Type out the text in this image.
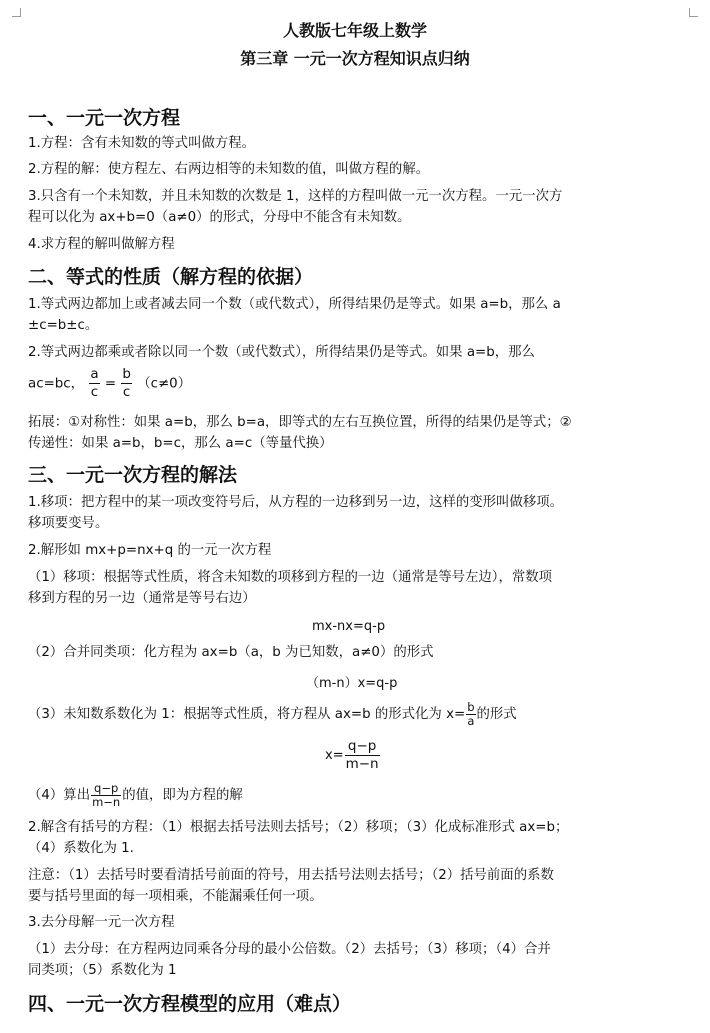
人教版七年级上数学
第三章 一元一次方程知识点归纳
一、一元一次方程
1.方程：含有未知数的等式叫做方程。
2.方程的解：使方程左、右两边相等的未知数的值，叫做方程的解。
3.只含有一个未知数，并且未知数的次数是 1，这样的方程叫做一元一次方程。一元一次方
程可以化为 ax+b=0（a≠0）的形式，分母中不能含有未知数。
4.求方程的解叫做解方程
二、等式的性质（解方程的依据）
1.等式两边都加上或者减去同一个数（或代数式），所得结果仍是等式。如果 a=b，那么 a
±c=b±c。
2.等式两边都乘或者除以同一个数（或代数式），所得结果仍是等式。如果 a=b，那么
ac=bc， $\frac{a}{c} = \frac{b}{c} (c\ne 0)$
拓展：①对称性：如果 a=b，那么 b=a，即等式的左右互换位置，所得的结果仍是等式；②
传递性：如果 a=b，b=c，那么 a=c（等量代换）
三、一元一次方程的解法
1.移项：把方程中的某一项改变符号后，从方程的一边移到另一边，这样的变形叫做移项。
移项要变号。
2.解形如 mx+p=nx+q 的一元一次方程
（1）移项：根据等式性质，将含未知数的项移到方程的一边（通常是等号左边），常数项
移到方程的另一边（通常是等号右边）
mx-nx=q-p
（2）合并同类项：化方程为 ax=b（a，b 为已知数，a≠0）的形式
（m-n）x=q-p
（3）未知数系数化为 1：根据等式性质，将方程从 ax=b 的形式化为 $x= \frac{b}{a}$ 的形式
$x= \frac{q-p}{m-n}$
（4）算出 $\frac{q-p}{m-n}$ 的值，即为方程的解
2.解含有括号的方程：（1）根据去括号法则去括号；（2）移项；（3）化成标准形式 ax=b；
（4）系数化为 1.
注意：（1）去括号时要看清括号前面的符号，用去括号法则去括号；（2）括号前面的系数
要与括号里面的每一项相乘，不能漏乘任何一项。
3.去分母解一元一次方程
（1）去分母：在方程两边同乘各分母的最小公倍数。（2）去括号；（3）移项；（4）合并
同类项；（5）系数化为 1
四、一元一次方程模型的应用（难点）
